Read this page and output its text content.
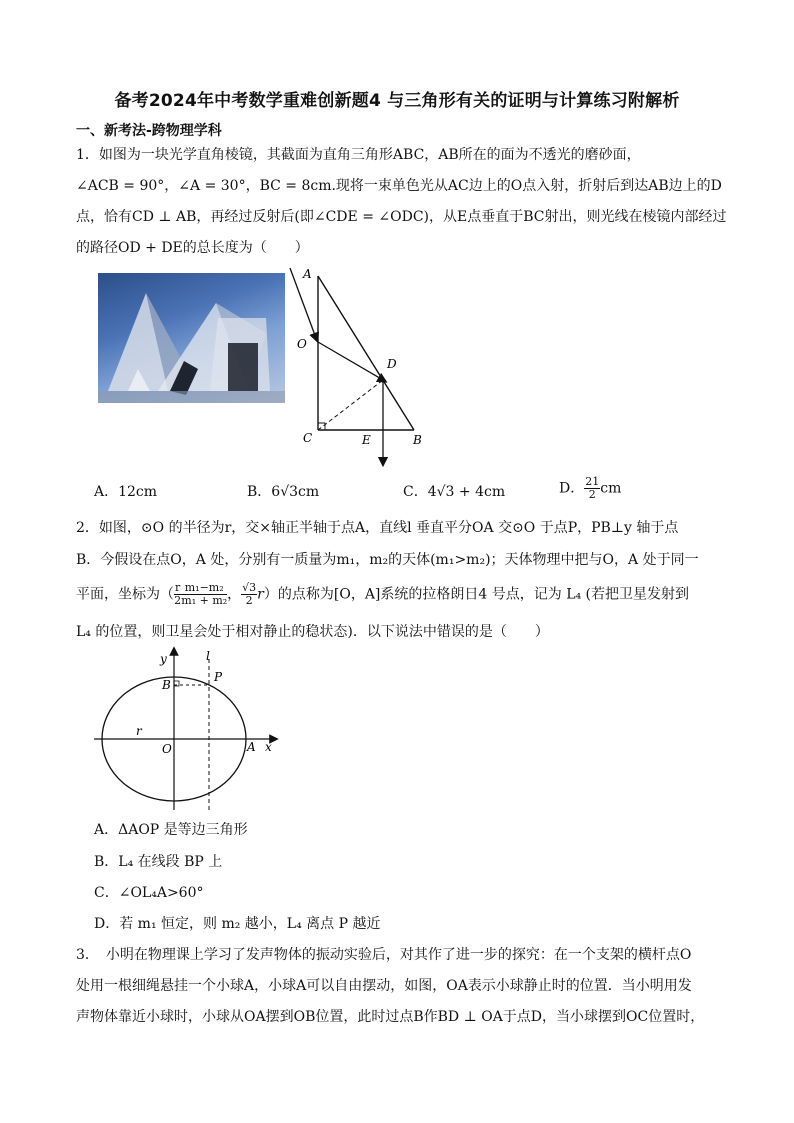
备考2024年中考数学重难创新题4 与三角形有关的证明与计算练习附解析
一、新考法-跨物理学科
1．如图为一块光学直角棱镜，其截面为直角三角形ABC，AB所在的面为不透光的磨砂面，
∠ACB = 90°，∠A = 30°，BC = 8cm.现将一束单色光从AC边上的O点入射，折射后到达AB边上的D
点，恰有CD ⊥ AB，再经过反射后(即∠CDE = ∠ODC)，从E点垂直于BC射出，则光线在棱镜内部经过
的路径OD + DE的总长度为（　　）
A
O
D
C	E	B
A．12cm	B．6√3cm	C．4√3 + 4cm	D． $\frac{21}{2}$ cm
2．如图，⊙O 的半径为r，交×轴正半轴于点A，直线l 垂直平分OA 交⊙O 于点P，PB⊥y 轴于点
B．今假设在点O，A 处，分别有一质量为m₁，m₂的天体(m₁>m₂)；天体物理中把与O，A 处于同一
平面，坐标为（ $\frac{r}{2} \frac{\text{m₁−m₂}}{\text{m₁ + m₂}}$ ， $\frac{√3}{2} r$）的点称为[O，A]系统的拉格朗日4 号点，记为 L₄ (若把卫星发射到
L₄ 的位置，则卫星会处于相对静止的稳状态)．以下说法中错误的是（　　）
y	l
B
P
r
O	A x
A．ΔAOP 是等边三角形
B．L₄ 在线段 BP 上
C．∠OL₄A>60°
D．若 m₁ 恒定，则 m₂ 越小，L₄ 离点 P 越近
3．　小明在物理课上学习了发声物体的振动实验后，对其作了进一步的探究：在一个支架的横杆点O
处用一根细绳悬挂一个小球A，小球A可以自由摆动，如图，OA表示小球静止时的位置．当小明用发
声物体靠近小球时，小球从OA摆到OB位置，此时过点B作BD ⊥ OA于点D，当小球摆到OC位置时，
